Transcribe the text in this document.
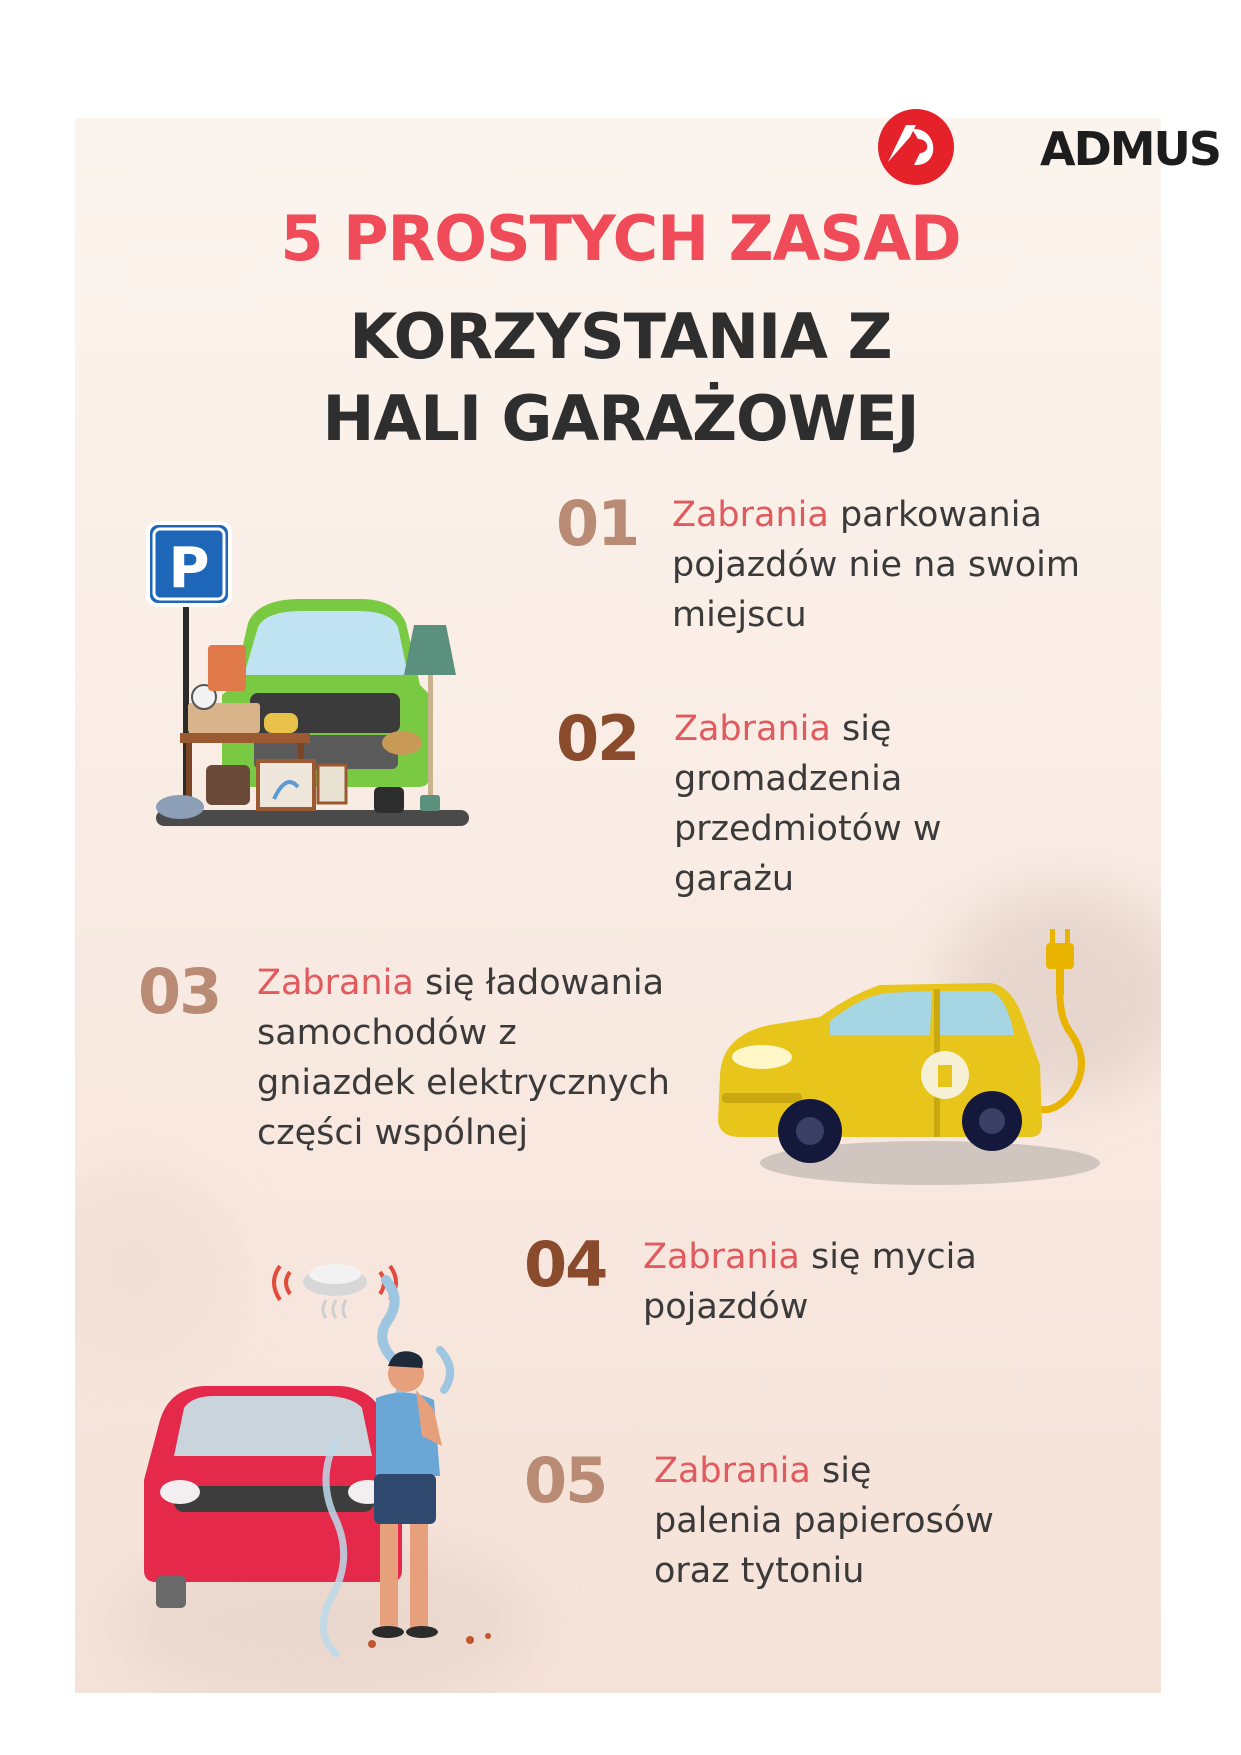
AD ADMUS
5 PROSTYCH ZASAD
KORZYSTANIA Z
HALI GARAŻOWEJ
01 Zabrania parkowania
pojazdów nie na swoim
miejscu
02 Zabrania się
gromadzenia
przedmiotów w
garażu
03 Zabrania się ładowania
samochodów z
gniazdek elektrycznych
części wspólnej
04 Zabrania się mycia
pojazdów
05 Zabrania się
palenia papierosów
oraz tytoniu
P
